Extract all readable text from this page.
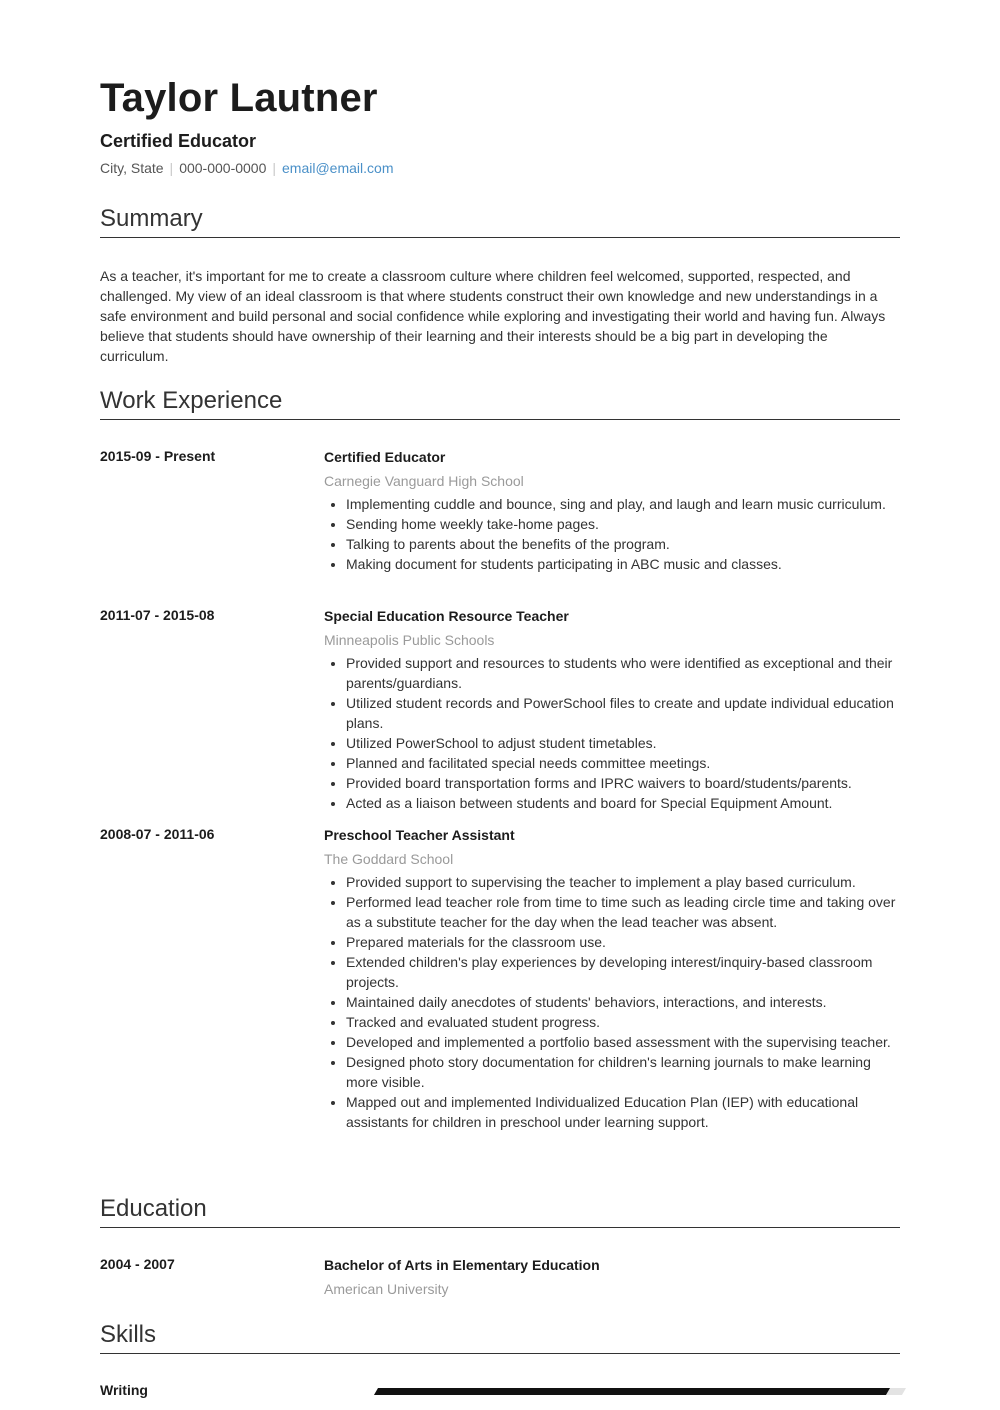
Taylor Lautner
Certified Educator
City, State | 000-000-0000 | email@email.com
Summary
As a teacher, it's important for me to create a classroom culture where children feel welcomed, supported, respected, and challenged. My view of an ideal classroom is that where students construct their own knowledge and new understandings in a safe environment and build personal and social confidence while exploring and investigating their world and having fun. Always believe that students should have ownership of their learning and their interests should be a big part in developing the curriculum.
Work Experience
2015-09 - Present	Certified Educator
Carnegie Vanguard High School
• Implementing cuddle and bounce, sing and play, and laugh and learn music curriculum.
• Sending home weekly take-home pages.
• Talking to parents about the benefits of the program.
• Making document for students participating in ABC music and classes.
2011-07 - 2015-08	Special Education Resource Teacher
Minneapolis Public Schools
• Provided support and resources to students who were identified as exceptional and their parents/guardians.
• Utilized student records and PowerSchool files to create and update individual education plans.
• Utilized PowerSchool to adjust student timetables.
• Planned and facilitated special needs committee meetings.
• Provided board transportation forms and IPRC waivers to board/students/parents.
• Acted as a liaison between students and board for Special Equipment Amount.
2008-07 - 2011-06	Preschool Teacher Assistant
The Goddard School
• Provided support to supervising the teacher to implement a play based curriculum.
• Performed lead teacher role from time to time such as leading circle time and taking over as a substitute teacher for the day when the lead teacher was absent.
• Prepared materials for the classroom use.
• Extended children's play experiences by developing interest/inquiry-based classroom projects.
• Maintained daily anecdotes of students' behaviors, interactions, and interests.
• Tracked and evaluated student progress.
• Developed and implemented a portfolio based assessment with the supervising teacher.
• Designed photo story documentation for children's learning journals to make learning more visible.
• Mapped out and implemented Individualized Education Plan (IEP) with educational assistants for children in preschool under learning support.
Education
2004 - 2007	Bachelor of Arts in Elementary Education
American University
Skills
Writing
